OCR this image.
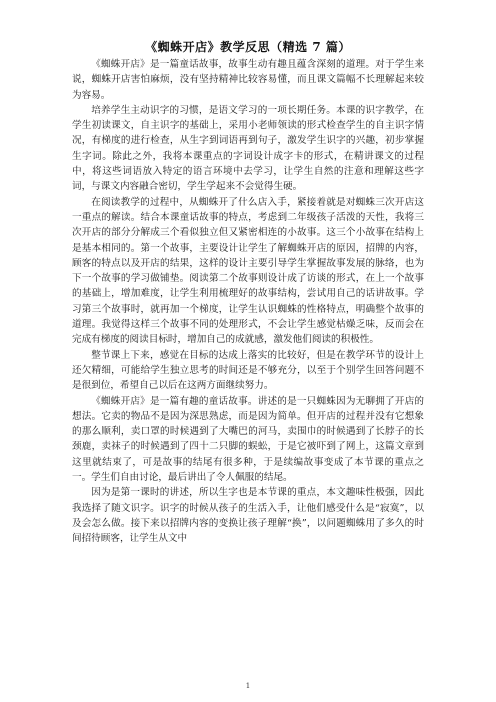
《蜘蛛开店》教学反思（精选 7 篇）

《蜘蛛开店》是一篇童话故事，故事生动有趣且蕴含深刻的道理。对于学生来说，蜘蛛开店害怕麻烦，没有坚持精神比较容易懂，而且课文篇幅不长理解起来较为容易。

培养学生主动识字的习惯，是语文学习的一项长期任务。本课的识字教学，在学生初读课文，自主识字的基础上，采用小老师领读的形式检查学生的自主识字情况，有梯度的进行检查，从生字到词语再到句子，激发学生识字的兴趣，初步掌握生字词。除此之外，我将本课重点的字词设计成字卡的形式，在精讲课文的过程中，将这些词语放入特定的语言环境中去学习，让学生自然的注意和理解这些字词，与课文内容融合密切，学生学起来不会觉得生硬。

在阅读教学的过程中，从蜘蛛开了什么店入手，紧接着就是对蜘蛛三次开店这一重点的解读。结合本课童话故事的特点，考虑到二年级孩子活泼的天性，我将三次开店的部分分解成三个看似独立但又紧密相连的小故事。这三个小故事在结构上是基本相同的。第一个故事，主要设计让学生了解蜘蛛开店的原因，招牌的内容，顾客的特点以及开店的结果，这样的设计主要引导学生掌握故事发展的脉络，也为下一个故事的学习做铺垫。阅读第二个故事则设计成了访谈的形式，在上一个故事的基础上，增加难度，让学生利用梳理好的故事结构，尝试用自己的话讲故事。学习第三个故事时，就再加一个梯度，让学生认识蜘蛛的性格特点，明确整个故事的道理。我觉得这样三个故事不同的处理形式，不会让学生感觉枯燥乏味，反而会在完成有梯度的阅读目标时，增加自己的成就感，激发他们阅读的积极性。

整节课上下来，感觉在目标的达成上落实的比较好，但是在教学环节的设计上还欠精细，可能给学生独立思考的时间还是不够充分，以至于个别学生回答问题不是很到位，希望自己以后在这两方面继续努力。

《蜘蛛开店》是一篇有趣的童话故事。讲述的是一只蜘蛛因为无聊拥了开店的想法。它卖的物品不是因为深思熟虑，而是因为简单。但开店的过程并没有它想象的那么顺利，卖口罩的时候遇到了大嘴巴的河马，卖围巾的时候遇到了长脖子的长颈鹿，卖袜子的时候遇到了四十二只脚的蜈蚣，于是它被吓到了网上，这篇文章到这里就结束了，可是故事的结尾有很多种，于是续编故事变成了本节课的重点之一。学生们自由讨论，最后讲出了令人佩服的结尾。

因为是第一课时的讲述，所以生字也是本节课的重点，本文趣味性极强，因此我选择了随文识字。识字的时候从孩子的生活入手，让他们感受什么是“寂寞”，以及会怎么做。接下来以招牌内容的变换让孩子理解“换”，以问题蜘蛛用了多久的时间招待顾客，让学生从文中

1
